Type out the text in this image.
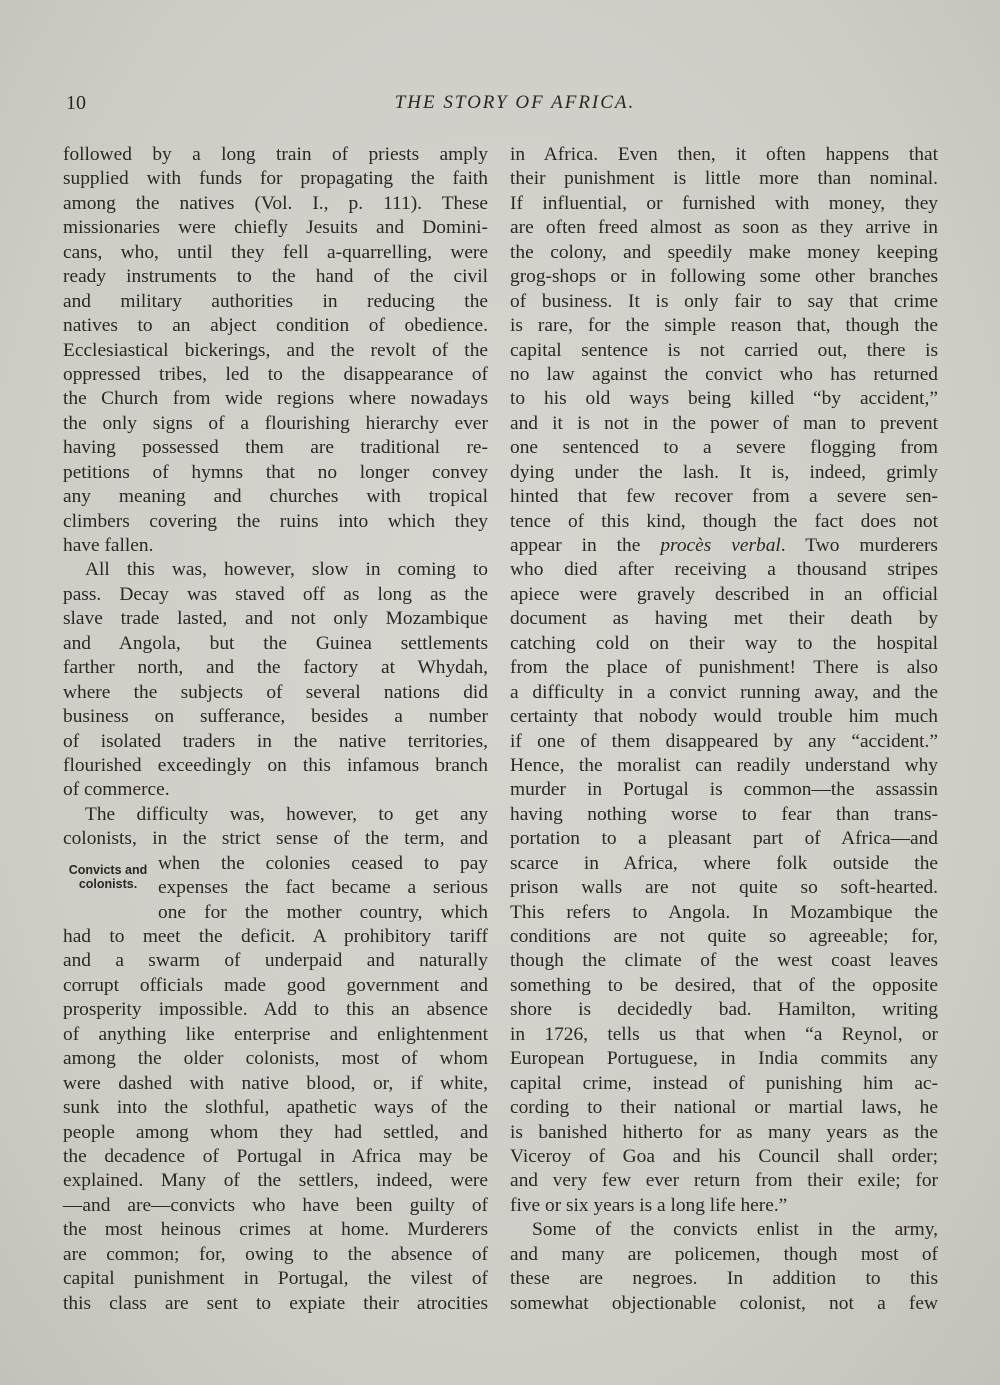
10	THE STORY OF AFRICA.
Convicts and
colonists.
followed by a long train of priests amply
supplied with funds for propagating the faith
among the natives (Vol. I., p. 111). These
missionaries were chiefly Jesuits and Domini-
cans, who, until they fell a-quarrelling, were
ready instruments to the hand of the civil
and military authorities in reducing the
natives to an abject condition of obedience.
Ecclesiastical bickerings, and the revolt of the
oppressed tribes, led to the disappearance of
the Church from wide regions where nowadays
the only signs of a flourishing hierarchy ever
having possessed them are traditional re-
petitions of hymns that no longer convey
any meaning and churches with tropical
climbers covering the ruins into which they
have fallen.
All this was, however, slow in coming to
pass. Decay was staved off as long as the
slave trade lasted, and not only Mozambique
and Angola, but the Guinea settlements
farther north, and the factory at Whydah,
where the subjects of several nations did
business on sufferance, besides a number
of isolated traders in the native territories,
flourished exceedingly on this infamous branch
of commerce.
The difficulty was, however, to get any
colonists, in the strict sense of the term, and
when the colonies ceased to pay
expenses the fact became a serious
one for the mother country, which
had to meet the deficit. A prohibitory tariff
and a swarm of underpaid and naturally
corrupt officials made good government and
prosperity impossible. Add to this an absence
of anything like enterprise and enlightenment
among the older colonists, most of whom
were dashed with native blood, or, if white,
sunk into the slothful, apathetic ways of the
people among whom they had settled, and
the decadence of Portugal in Africa may be
explained. Many of the settlers, indeed, were
—and are—convicts who have been guilty of
the most heinous crimes at home. Murderers
are common; for, owing to the absence of
capital punishment in Portugal, the vilest of
this class are sent to expiate their atrocities
in Africa. Even then, it often happens that
their punishment is little more than nominal.
If influential, or furnished with money, they
are often freed almost as soon as they arrive in
the colony, and speedily make money keeping
grog-shops or in following some other branches
of business. It is only fair to say that crime
is rare, for the simple reason that, though the
capital sentence is not carried out, there is
no law against the convict who has returned
to his old ways being killed “by accident,”
and it is not in the power of man to prevent
one sentenced to a severe flogging from
dying under the lash. It is, indeed, grimly
hinted that few recover from a severe sen-
tence of this kind, though the fact does not
appear in the procès verbal. Two murderers
who died after receiving a thousand stripes
apiece were gravely described in an official
document as having met their death by
catching cold on their way to the hospital
from the place of punishment! There is also
a difficulty in a convict running away, and the
certainty that nobody would trouble him much
if one of them disappeared by any “accident.”
Hence, the moralist can readily understand why
murder in Portugal is common—the assassin
having nothing worse to fear than trans-
portation to a pleasant part of Africa—and
scarce in Africa, where folk outside the
prison walls are not quite so soft-hearted.
This refers to Angola. In Mozambique the
conditions are not quite so agreeable; for,
though the climate of the west coast leaves
something to be desired, that of the opposite
shore is decidedly bad. Hamilton, writing
in 1726, tells us that when “a Reynol, or
European Portuguese, in India commits any
capital crime, instead of punishing him ac-
cording to their national or martial laws, he
is banished hitherto for as many years as the
Viceroy of Goa and his Council shall order;
and very few ever return from their exile; for
five or six years is a long life here.”
Some of the convicts enlist in the army,
and many are policemen, though most of
these are negroes. In addition to this
somewhat objectionable colonist, not a few
